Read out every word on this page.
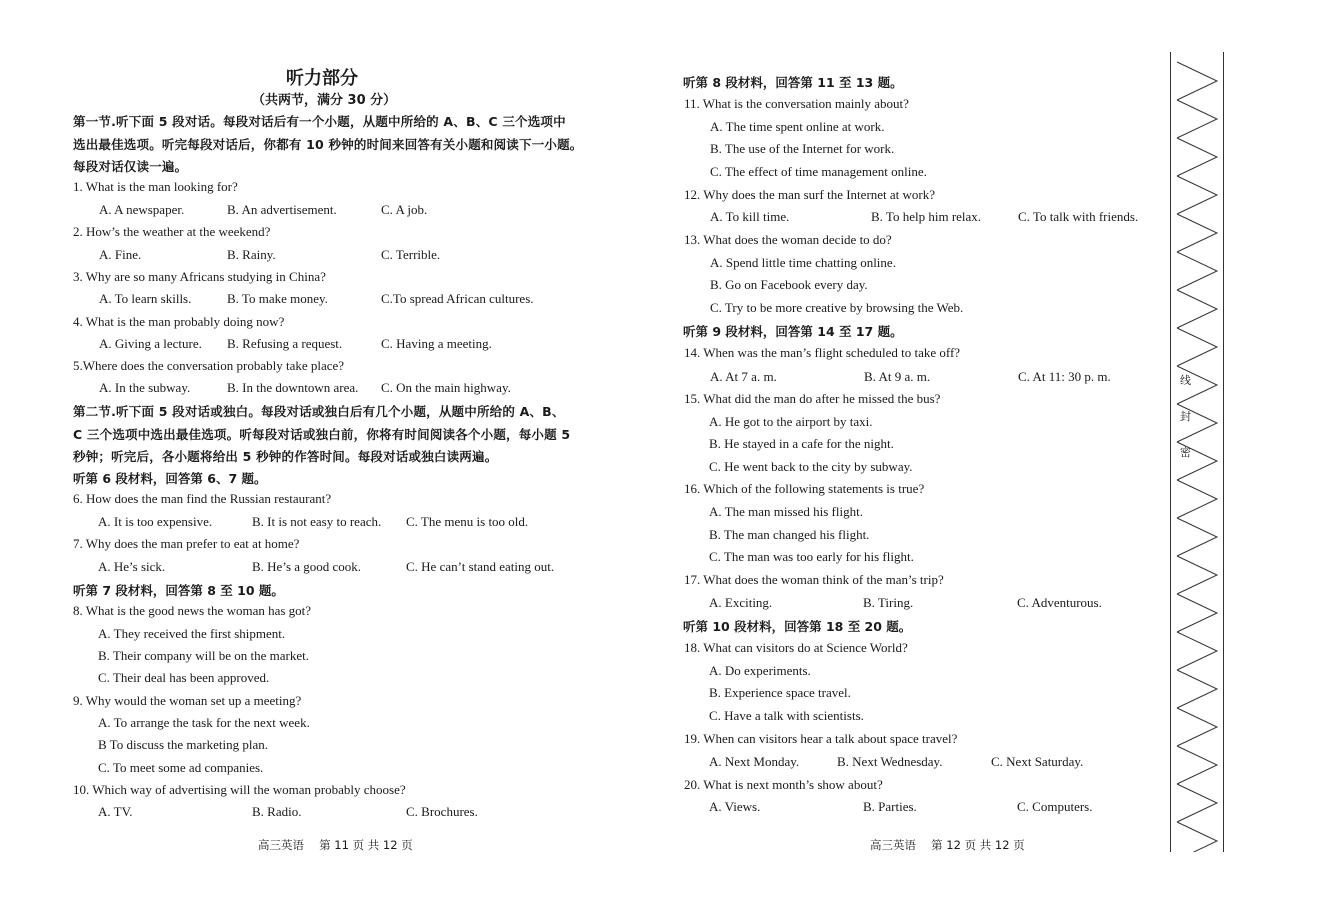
听力部分
（共两节，满分 30 分）
第一节.听下面 5 段对话。每段对话后有一个小题，从题中所给的 A、B、C 三个选项中
选出最佳选项。听完每段对话后，你都有 10 秒钟的时间来回答有关小题和阅读下一小题。
每段对话仅读一遍。
1. What is the man looking for?
A. A newspaper.	B. An advertisement.	C. A job.
2. How’s the weather at the weekend?
A. Fine.	B. Rainy.	C. Terrible.
3. Why are so many Africans studying in China?
A. To learn skills.	B. To make money.	C.To spread African cultures.
4. What is the man probably doing now?
A. Giving a lecture. B. Refusing a request.	C. Having a meeting.
5.Where does the conversation probably take place?
A. In the subway.	B. In the downtown area. C. On the main highway.
第二节.听下面 5 段对话或独白。每段对话或独白后有几个小题，从题中所给的 A、B、
C 三个选项中选出最佳选项。听每段对话或独白前，你将有时间阅读各个小题，每小题 5
秒钟；听完后，各小题将给出 5 秒钟的作答时间。每段对话或独白读两遍。
听第 6 段材料，回答第 6、7 题。
6. How does the man find the Russian restaurant?
A. It is too expensive.	B. It is not easy to reach. C. The menu is too old.
7. Why does the man prefer to eat at home?
A. He’s sick.	B. He’s a good cook.	C. He can’t stand eating out.
听第 7 段材料，回答第 8 至 10 题。
8. What is the good news the woman has got?
A. They received the first shipment.
B. Their company will be on the market.
C. Their deal has been approved.
9. Why would the woman set up a meeting?
A. To arrange the task for the next week.
B To discuss the marketing plan.
C. To meet some ad companies.
10. Which way of advertising will the woman probably choose?
A. TV.	B. Radio.	C. Brochures.
高三英语　 第 11 页 共 12 页
听第 8 段材料，回答第 11 至 13 题。
11. What is the conversation mainly about?
A. The time spent online at work.
B. The use of the Internet for work.
C. The effect of time management online.
12. Why does the man surf the Internet at work?
A. To kill time.	B. To help him relax.	C. To talk with friends.
13. What does the woman decide to do?
A. Spend little time chatting online.
B. Go on Facebook every day.
C. Try to be more creative by browsing the Web.
听第 9 段材料，回答第 14 至 17 题。
14. When was the man’s flight scheduled to take off?
A. At 7 a. m.	B. At 9 a. m.	C. At 11: 30 p. m.
15. What did the man do after he missed the bus?
A. He got to the airport by taxi.
B. He stayed in a cafe for the night.
C. He went back to the city by subway.
16. Which of the following statements is true?
A. The man missed his flight.
B. The man changed his flight.
C. The man was too early for his flight.
17. What does the woman think of the man’s trip?
A. Exciting.	B. Tiring.	C. Adventurous.
听第 10 段材料，回答第 18 至 20 题。
18. What can visitors do at Science World?
A. Do experiments.
B. Experience space travel.
C. Have a talk with scientists.
19. When can visitors hear a talk about space travel?
A. Next Monday.	B. Next Wednesday.	C. Next Saturday.
20. What is next month’s show about?
A. Views.	B. Parties.	C. Computers.
高三英语　 第 12 页 共 12 页
线
封
密
